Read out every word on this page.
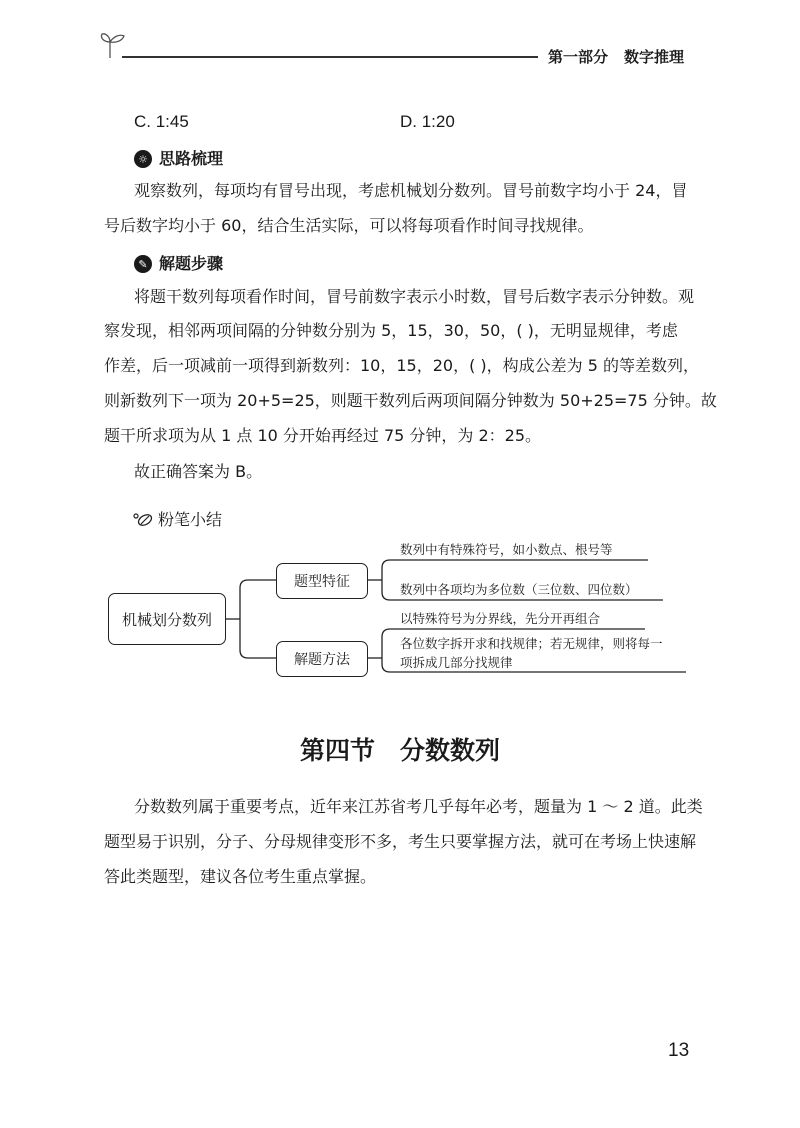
第一部分 数字推理
C. 1:45	D. 1:20
☼ 思路梳理
观察数列，每项均有冒号出现，考虑机械划分数列。冒号前数字均小于 24，冒
号后数字均小于 60，结合生活实际，可以将每项看作时间寻找规律。
✎ 解题步骤
将题干数列每项看作时间，冒号前数字表示小时数，冒号后数字表示分钟数。观
察发现，相邻两项间隔的分钟数分别为 5，15，30，50，( )，无明显规律，考虑
作差，后一项减前一项得到新数列：10，15，20，( )，构成公差为 5 的等差数列，
则新数列下一项为 20+5=25，则题干数列后两项间隔分钟数为 50+25=75 分钟。故
题干所求项为从 1 点 10 分开始再经过 75 分钟，为 2：25。
故正确答案为 B。
粉笔小结
机械划分数列
题型特征
解题方法
数列中有特殊符号，如小数点、根号等
数列中各项均为多位数（三位数、四位数）
以特殊符号为分界线，先分开再组合
各位数字拆开求和找规律；若无规律，则将每一
项拆成几部分找规律
第四节　分数数列
分数数列属于重要考点，近年来江苏省考几乎每年必考，题量为 1 ～ 2 道。此类
题型易于识别，分子、分母规律变形不多，考生只要掌握方法，就可在考场上快速解
答此类题型，建议各位考生重点掌握。
13
